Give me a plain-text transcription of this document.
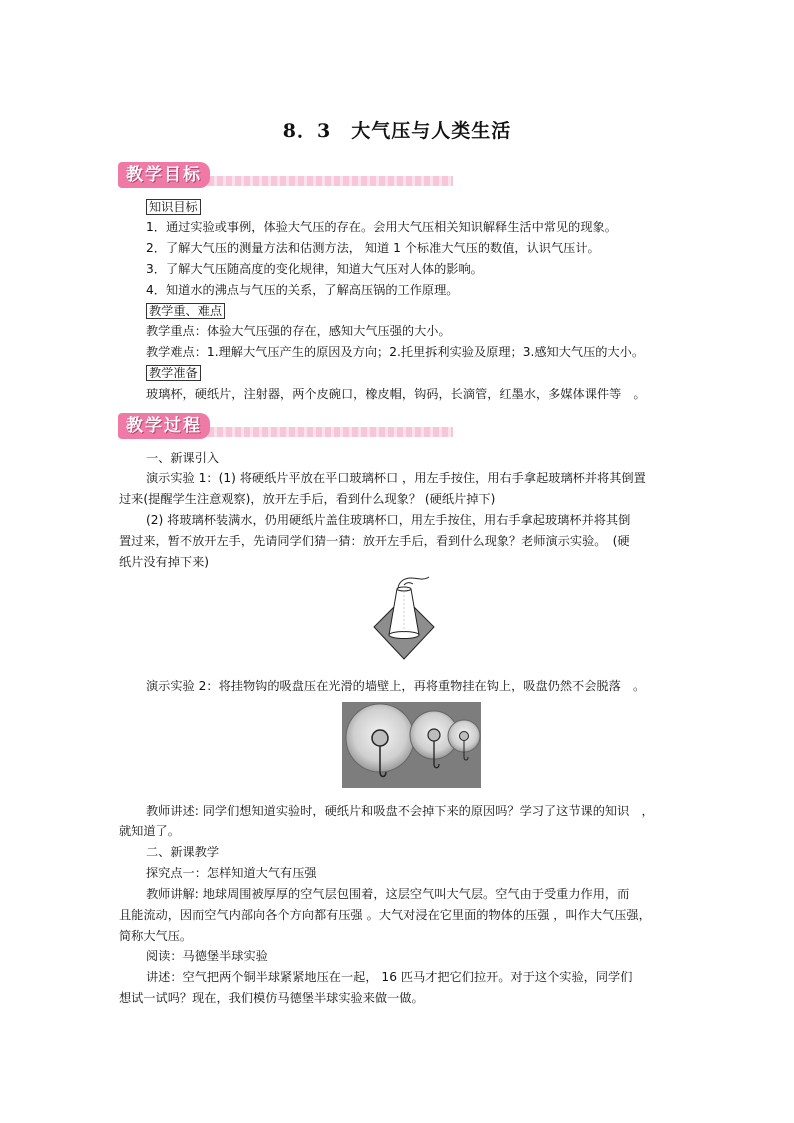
8．3　大气压与人类生活
教学目标
知识目标
1．通过实验或事例，体验大气压的存在。会用大气压相关知识解释生活中常见的现象。
2．了解大气压的测量方法和估测方法， 知道 1 个标准大气压的数值，认识气压计。
3．了解大气压随高度的变化规律，知道大气压对人体的影响。
4．知道水的沸点与气压的关系，了解高压锅的工作原理。
教学重、难点
教学重点：体验大气压强的存在，感知大气压强的大小。
教学难点：1.理解大气压产生的原因及方向；2.托里拆利实验及原理；3.感知大气压的大小。
教学准备
玻璃杯，硬纸片，注射器，两个皮碗口，橡皮帽，钩码，长滴管，红墨水，多媒体课件等　。
教学过程
一、新课引入
演示实验 1：(1) 将硬纸片平放在平口玻璃杯口 ，用左手按住，用右手拿起玻璃杯并将其倒置
过来(提醒学生注意观察)，放开左手后，看到什么现象？ (硬纸片掉下)
(2) 将玻璃杯装满水，仍用硬纸片盖住玻璃杯口，用左手按住，用右手拿起玻璃杯并将其倒
置过来，暂不放开左手，先请同学们猜一猜：放开左手后，看到什么现象？老师演示实验。　(硬
纸片没有掉下来)
演示实验 2：将挂物钩的吸盘压在光滑的墙壁上，再将重物挂在钩上，吸盘仍然不会脱落　。
教师讲述: 同学们想知道实验时，硬纸片和吸盘不会掉下来的原因吗？学习了这节课的知识　，
就知道了。
二、新课教学
探究点一：怎样知道大气有压强
教师讲解: 地球周围被厚厚的空气层包围着，这层空气叫大气层。空气由于受重力作用，而
且能流动，因而空气内部向各个方向都有压强 。大气对浸在它里面的物体的压强 ，叫作大气压强，
简称大气压。
阅读：马德堡半球实验
讲述：空气把两个铜半球紧紧地压在一起， 16 匹马才把它们拉开。对于这个实验，同学们
想试一试吗？现在，我们模仿马德堡半球实验来做一做。
